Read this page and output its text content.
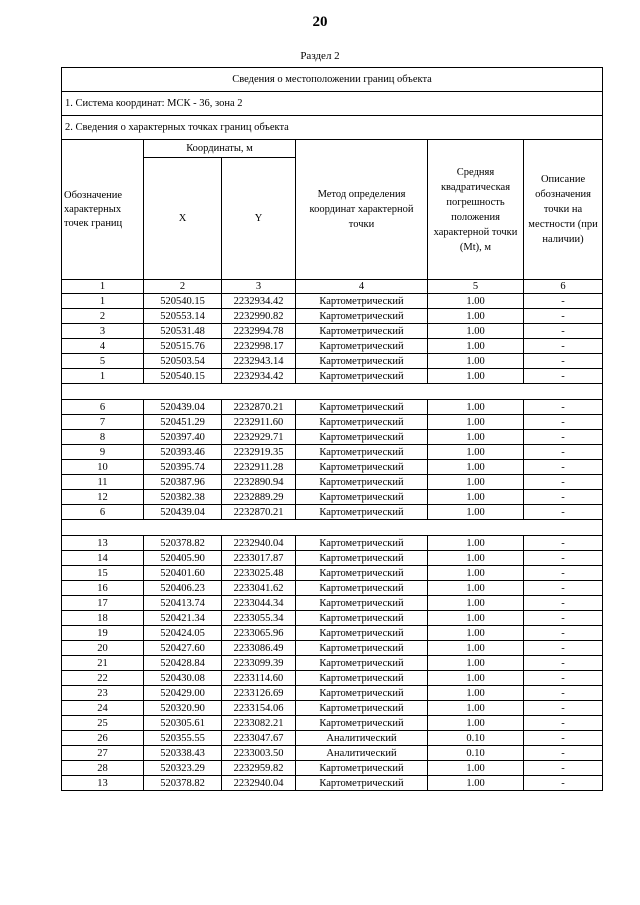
20
Раздел 2
Сведения о местоположении границ объекта					
1. Система координат: МСК - 36, зона 2					
2. Сведения о характерных точках границ объекта					
Обозначение характерных точек границ	Координаты, м		Метод определения координат характерной точки	Средняя квадратическая погрешность положения характерной точки (Mt), м	Описание обозначения точки на местности (при наличии)
	X	Y			
1	2	3	4	5	6
1	520540.15	2232934.42	Картометрический	1.00	-
2	520553.14	2232990.82	Картометрический	1.00	-
3	520531.48	2232994.78	Картометрический	1.00	-
4	520515.76	2232998.17	Картометрический	1.00	-
5	520503.54	2232943.14	Картометрический	1.00	-
1	520540.15	2232934.42	Картометрический	1.00	-

6	520439.04	2232870.21	Картометрический	1.00	-
7	520451.29	2232911.60	Картометрический	1.00	-
8	520397.40	2232929.71	Картометрический	1.00	-
9	520393.46	2232919.35	Картометрический	1.00	-
10	520395.74	2232911.28	Картометрический	1.00	-
11	520387.96	2232890.94	Картометрический	1.00	-
12	520382.38	2232889.29	Картометрический	1.00	-
6	520439.04	2232870.21	Картометрический	1.00	-

13	520378.82	2232940.04	Картометрический	1.00	-
14	520405.90	2233017.87	Картометрический	1.00	-
15	520401.60	2233025.48	Картометрический	1.00	-
16	520406.23	2233041.62	Картометрический	1.00	-
17	520413.74	2233044.34	Картометрический	1.00	-
18	520421.34	2233055.34	Картометрический	1.00	-
19	520424.05	2233065.96	Картометрический	1.00	-
20	520427.60	2233086.49	Картометрический	1.00	-
21	520428.84	2233099.39	Картометрический	1.00	-
22	520430.08	2233114.60	Картометрический	1.00	-
23	520429.00	2233126.69	Картометрический	1.00	-
24	520320.90	2233154.06	Картометрический	1.00	-
25	520305.61	2233082.21	Картометрический	1.00	-
26	520355.55	2233047.67	Аналитический	0.10	-
27	520338.43	2233003.50	Аналитический	0.10	-
28	520323.29	2232959.82	Картометрический	1.00	-
13	520378.82	2232940.04	Картометрический	1.00	-
